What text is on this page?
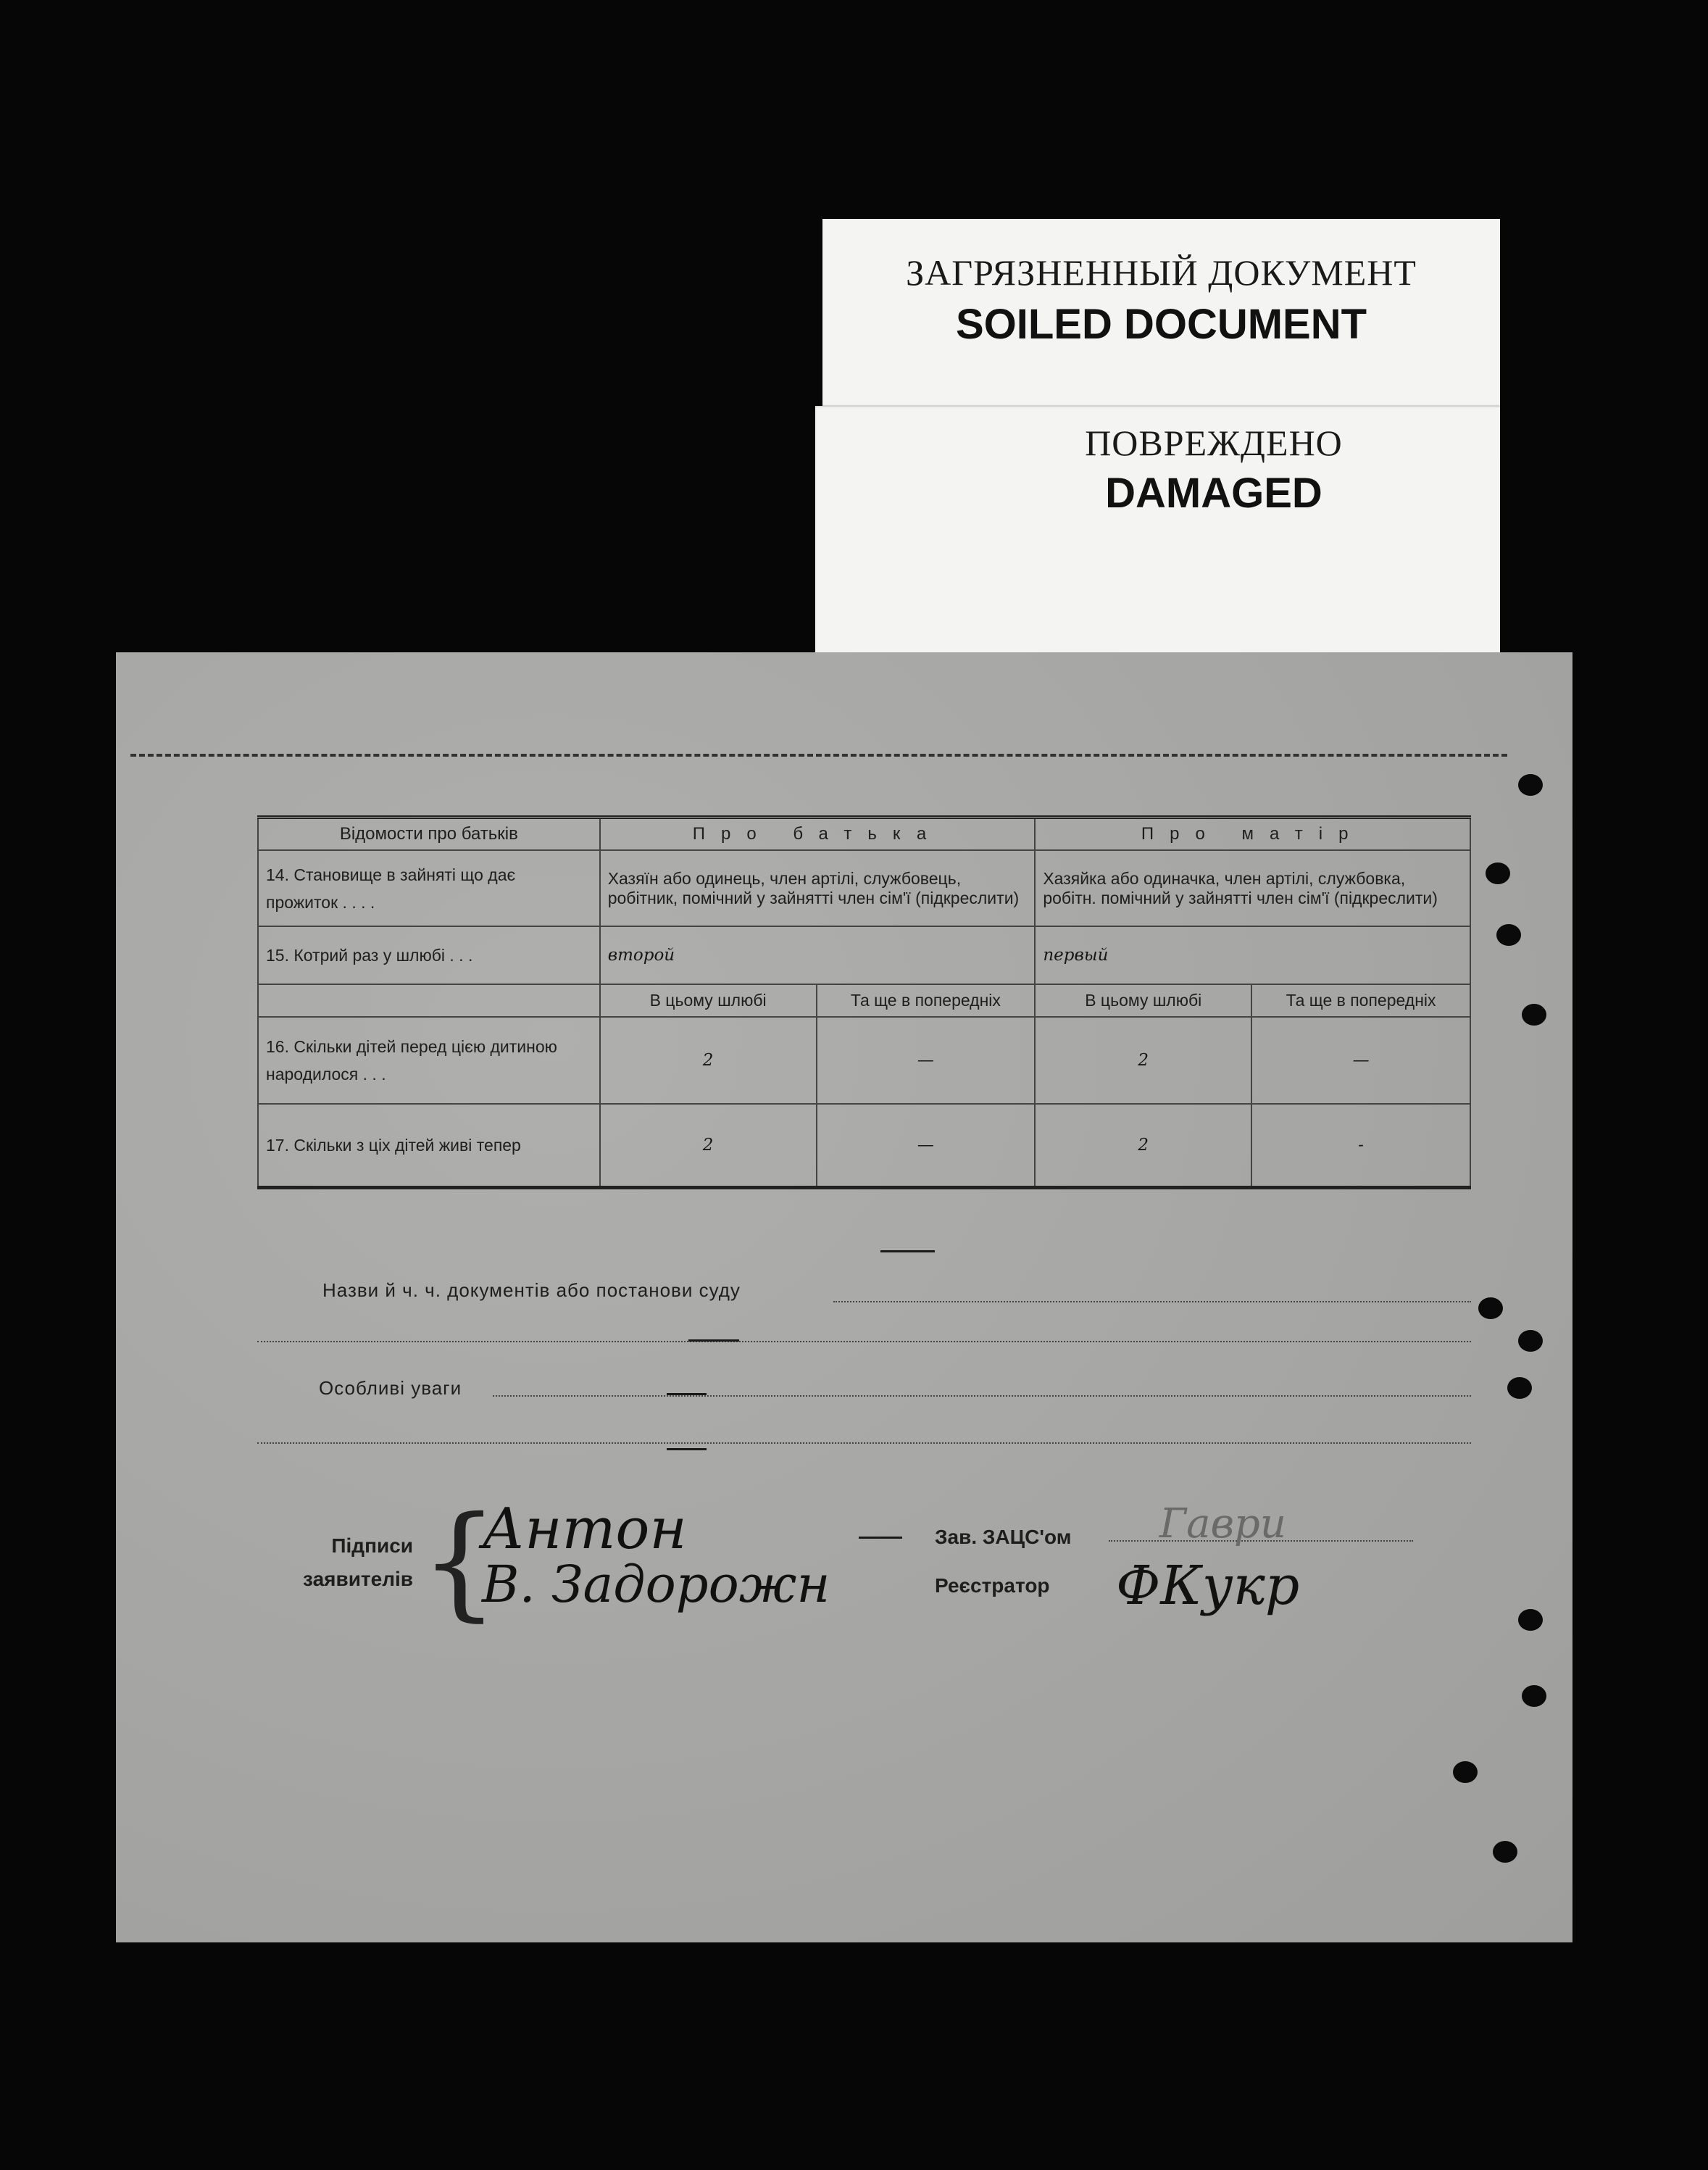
ЗАГРЯЗНЕННЫЙ ДОКУМЕНТ
SOILED DOCUMENT
ПОВРЕЖДЕНО
DAMAGED
Відомости про батьків	Про батька		Про матір	
14. Становище в зайняті що дає прожиток . . . .	Хазяїн або одинець, член артілі, службовець, робітник, помічний у зайнятті член сім'ї (підкреслити)		Хазяйка або одиначка, член артілі, службовка, робітн. помічний у зайнятті член сім'ї (підкреслити)	
15. Котрий раз у шлюбі . . .	второй		первый	
	В цьому шлюбі	Та ще в попередніх	В цьому шлюбі	Та ще в попередніх
16. Скільки дітей перед цією дитиною народилося . . .	2	—	2	—
17. Скільки з ціх дітей живі тепер	2	—	2	-
Назви й ч. ч. документів або постанови суду
Особливі уваги
Підписи заявителів {
Антон
В. Задорожн
Зав. ЗАЦС'ом	Гаври
Реєстратор	ФКукр
